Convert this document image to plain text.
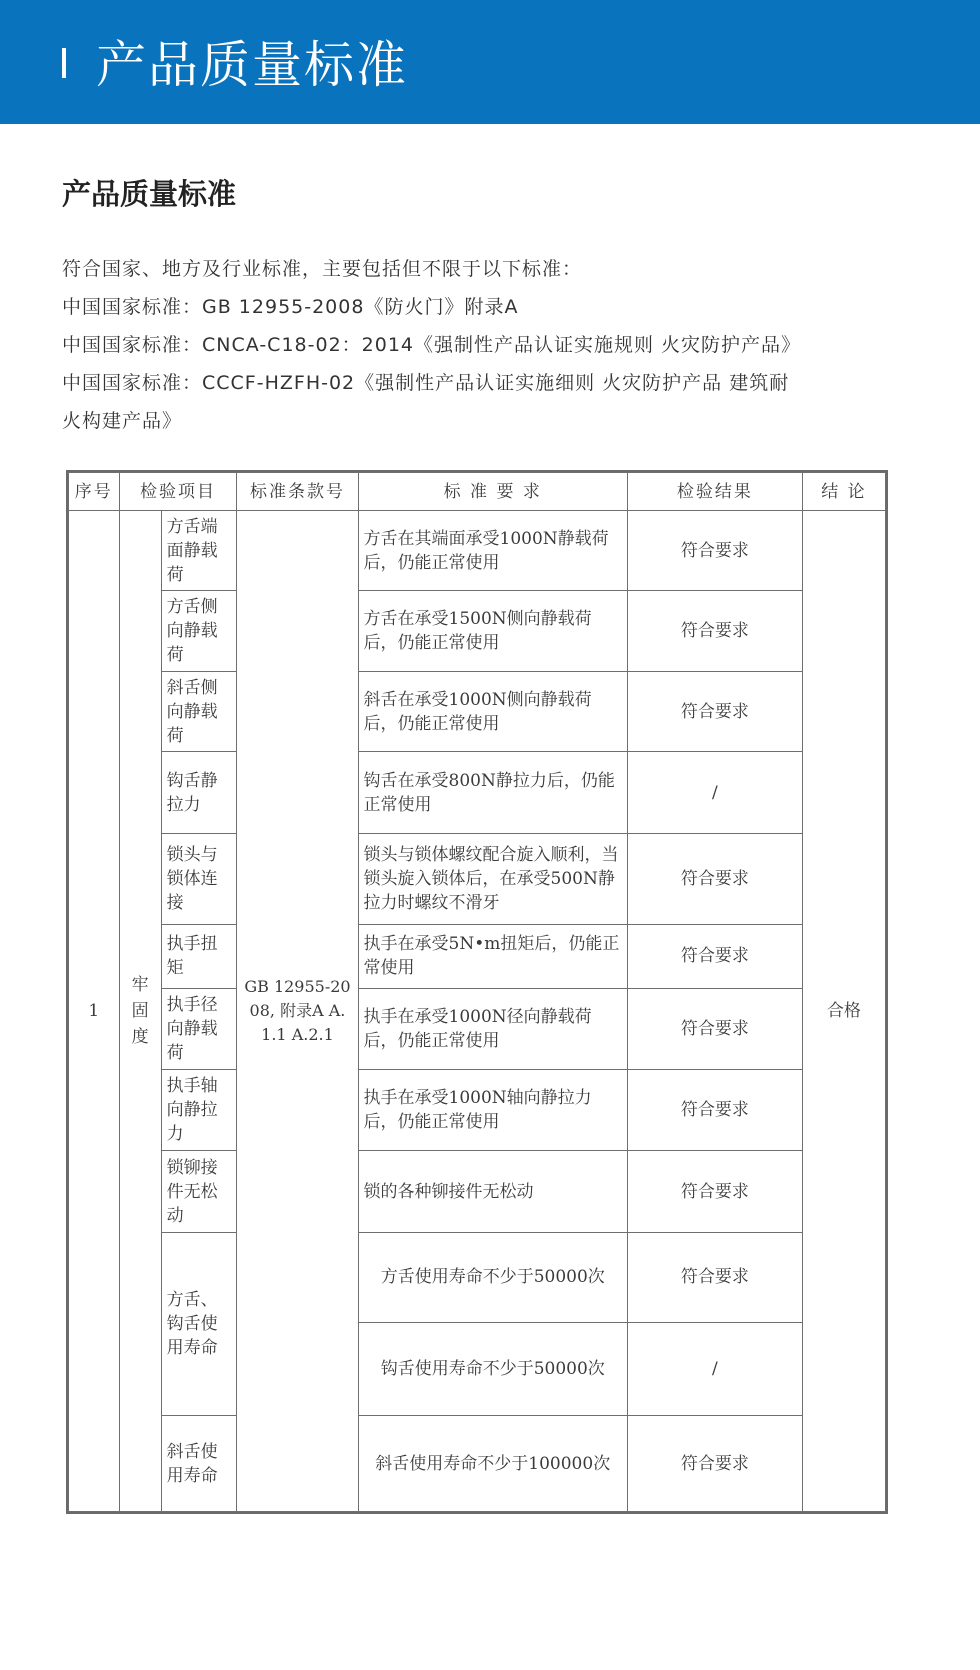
产品质量标准
产品质量标准

符合国家、地方及行业标准，主要包括但不限于以下标准：

中国国家标准：GB 12955-2008《防火门》附录A

中国国家标准：CNCA-C18-02：2014《强制性产品认证实施规则 火灾防护产品》

中国国家标准：CCCF-HZFH-02《强制性产品认证实施细则 火灾防护产品 建筑耐

火构建产品》

序号	检验项目		标准条款号	标 准 要 求	检验结果	结 论
1	牢固度	方舌端面静载荷	GB 12955-2008, 附录A A.1.1 A.2.1	方舌在其端面承受1000N静载荷后，仍能正常使用	符合要求	合格
		方舌侧向静载荷		方舌在承受1500N侧向静载荷后，仍能正常使用	符合要求	
		斜舌侧向静载荷		斜舌在承受1000N侧向静载荷后，仍能正常使用	符合要求	
		钩舌静拉力		钩舌在承受800N静拉力后，仍能正常使用	/	
		锁头与锁体连接		锁头与锁体螺纹配合旋入顺利，当锁头旋入锁体后，在承受500N静拉力时螺纹不滑牙	符合要求	
		执手扭矩		执手在承受5N•m扭矩后，仍能正常使用	符合要求	
		执手径向静载荷		执手在承受1000N径向静载荷后，仍能正常使用	符合要求	
		执手轴向静拉力		执手在承受1000N轴向静拉力后，仍能正常使用	符合要求	
		锁铆接件无松动		锁的各种铆接件无松动	符合要求	
		方舌、钩舌使用寿命		方舌使用寿命不少于50000次	符合要求	
				钩舌使用寿命不少于50000次	/	
		斜舌使用寿命		斜舌使用寿命不少于100000次	符合要求	
